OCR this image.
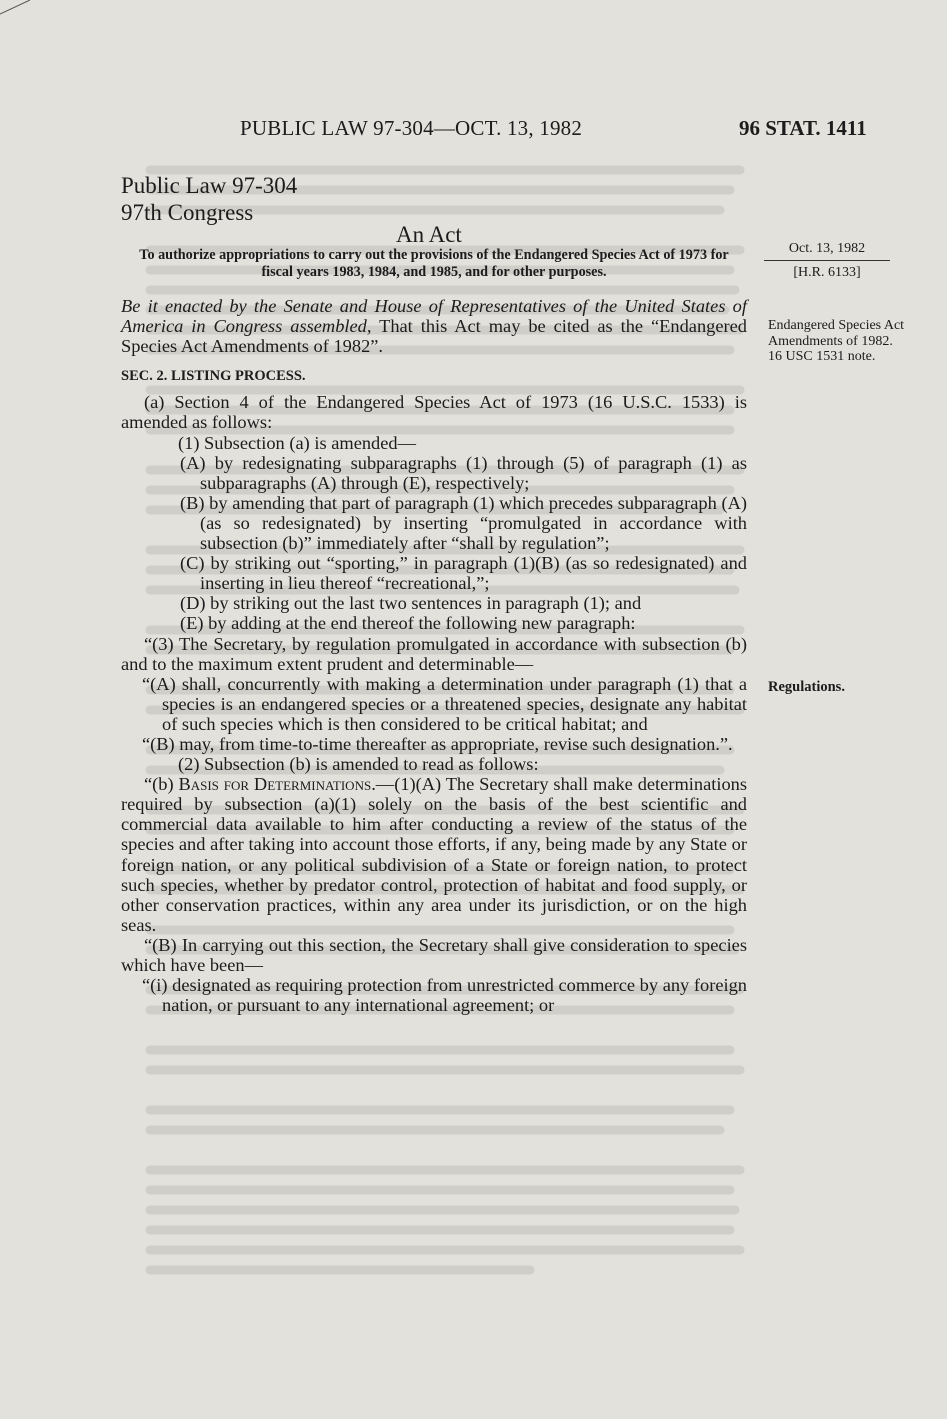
PUBLIC LAW 97-304—OCT. 13, 1982	96 STAT. 1411
Public Law 97-304
97th Congress
An Act
To authorize appropriations to carry out the provisions of the Endangered Species Act of 1973 for fiscal years 1983, 1984, and 1985, and for other purposes.
Oct. 13, 1982
[H.R. 6133]
Endangered Species Act Amendments of 1982.
16 USC 1531 note.
Regulations.

Be it enacted by the Senate and House of Representatives of the United States of America in Congress assembled, That this Act may be cited as the “Endangered Species Act Amendments of 1982”.

SEC. 2. LISTING PROCESS.

(a) Section 4 of the Endangered Species Act of 1973 (16 U.S.C. 1533) is amended as follows:

(1) Subsection (a) is amended—

(A) by redesignating subparagraphs (1) through (5) of paragraph (1) as subparagraphs (A) through (E), respectively;

(B) by amending that part of paragraph (1) which precedes subparagraph (A) (as so redesignated) by inserting “promulgated in accordance with subsection (b)” immediately after “shall by regulation”;

(C) by striking out “sporting,” in paragraph (1)(B) (as so redesignated) and inserting in lieu thereof “recreational,”;

(D) by striking out the last two sentences in paragraph (1); and

(E) by adding at the end thereof the following new paragraph:

“(3) The Secretary, by regulation promulgated in accordance with subsection (b) and to the maximum extent prudent and determinable—

“(A) shall, concurrently with making a determination under paragraph (1) that a species is an endangered species or a threatened species, designate any habitat of such species which is then considered to be critical habitat; and

“(B) may, from time-to-time thereafter as appropriate, revise such designation.”.

(2) Subsection (b) is amended to read as follows:

“(b) Basis for Determinations.—(1)(A) The Secretary shall make determinations required by subsection (a)(1) solely on the basis of the best scientific and commercial data available to him after conducting a review of the status of the species and after taking into account those efforts, if any, being made by any State or foreign nation, or any political subdivision of a State or foreign nation, to protect such species, whether by predator control, protection of habitat and food supply, or other conservation practices, within any area under its jurisdiction, or on the high seas.

“(B) In carrying out this section, the Secretary shall give consideration to species which have been—

“(i) designated as requiring protection from unrestricted commerce by any foreign nation, or pursuant to any international agreement; or
